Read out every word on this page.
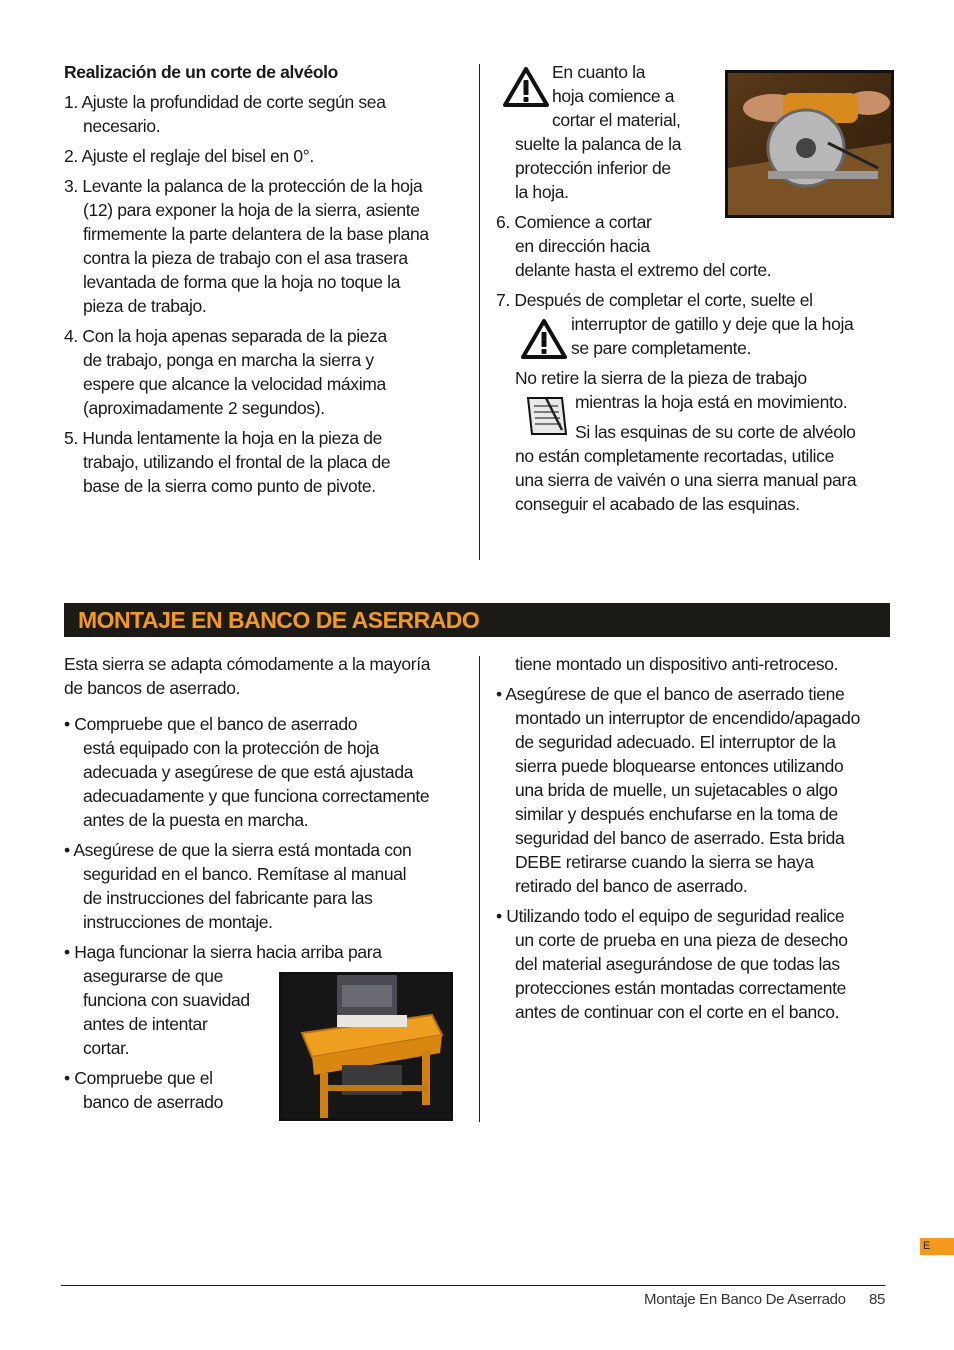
Realización de un corte de alvéolo
1. Ajuste la profundidad de corte según sea
necesario.
2. Ajuste el reglaje del bisel en 0°.
3. Levante la palanca de la protección de la hoja
(12) para exponer la hoja de la sierra, asiente
firmemente la parte delantera de la base plana
contra la pieza de trabajo con el asa trasera
levantada de forma que la hoja no toque la
pieza de trabajo.
4. Con la hoja apenas separada de la pieza
de trabajo, ponga en marcha la sierra y
espere que alcance la velocidad máxima
(aproximadamente 2 segundos).
5. Hunda lentamente la hoja en la pieza de
trabajo, utilizando el frontal de la placa de
base de la sierra como punto de pivote.
En cuanto la
hoja comience a
cortar el material,
suelte la palanca de la
protección inferior de
la hoja.
6. Comience a cortar
en dirección hacia
delante hasta el extremo del corte.
7. Después de completar el corte, suelte el
interruptor de gatillo y deje que la hoja
se pare completamente.
No retire la sierra de la pieza de trabajo
mientras la hoja está en movimiento.
Si las esquinas de su corte de alvéolo
no están completamente recortadas, utilice
una sierra de vaivén o una sierra manual para
conseguir el acabado de las esquinas.
MONTAJE EN BANCO DE ASERRADO
Esta sierra se adapta cómodamente a la mayoría
de bancos de aserrado.
• Compruebe que el banco de aserrado
está equipado con la protección de hoja
adecuada y asegúrese de que está ajustada
adecuadamente y que funciona correctamente
antes de la puesta en marcha.
• Asegúrese de que la sierra está montada con
seguridad en el banco. Remítase al manual
de instrucciones del fabricante para las
instrucciones de montaje.
• Haga funcionar la sierra hacia arriba para
asegurarse de que
funciona con suavidad
antes de intentar
cortar.
• Compruebe que el
banco de aserrado
tiene montado un dispositivo anti-retroceso.
• Asegúrese de que el banco de aserrado tiene
montado un interruptor de encendido/apagado
de seguridad adecuado. El interruptor de la
sierra puede bloquearse entonces utilizando
una brida de muelle, un sujetacables o algo
similar y después enchufarse en la toma de
seguridad del banco de aserrado. Esta brida
DEBE retirarse cuando la sierra se haya
retirado del banco de aserrado.
• Utilizando todo el equipo de seguridad realice
un corte de prueba en una pieza de desecho
del material asegurándose de que todas las
protecciones están montadas correctamente
antes de continuar con el corte en el banco.
E
Montaje En Banco De Aserrado 85
